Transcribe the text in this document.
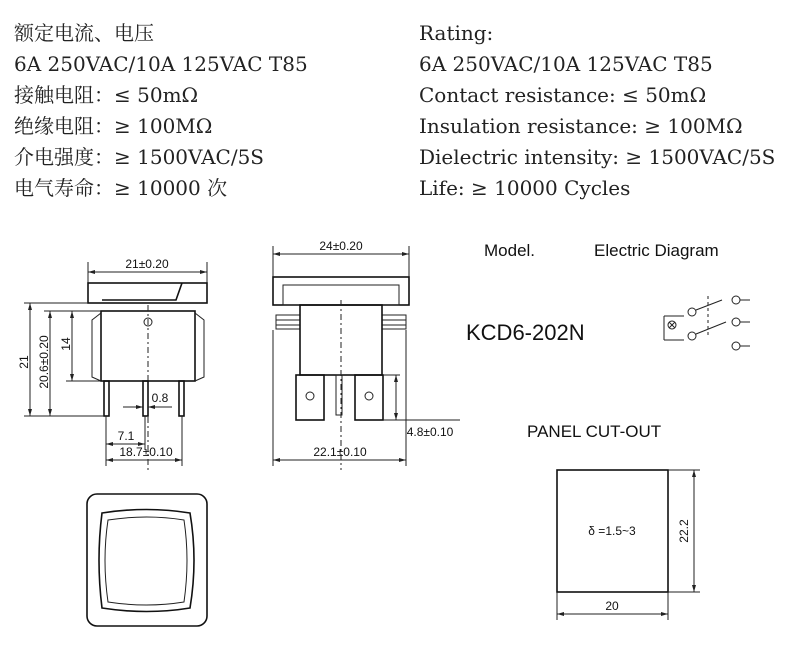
额定电流、电压
6A 250VAC/10A 125VAC T85
接触电阻：≤ 50mΩ
绝缘电阻：≥ 100MΩ
介电强度：≥ 1500VAC/5S
电气寿命：≥ 10000 次
Rating:
6A 250VAC/10A 125VAC T85
Contact resistance: ≤ 50mΩ
Insulation resistance: ≥ 100MΩ
Dielectric intensity: ≥ 1500VAC/5S
Life: ≥ 10000 Cycles
21±0.20
21 20.6±0.20 14
0.8
7.1
18.7±0.10
24±0.20
4.8±0.10
22.1±0.10
Model.	Electric Diagram
KCD6-202N
PANEL CUT-OUT
δ =1.5~3	22.2
20
